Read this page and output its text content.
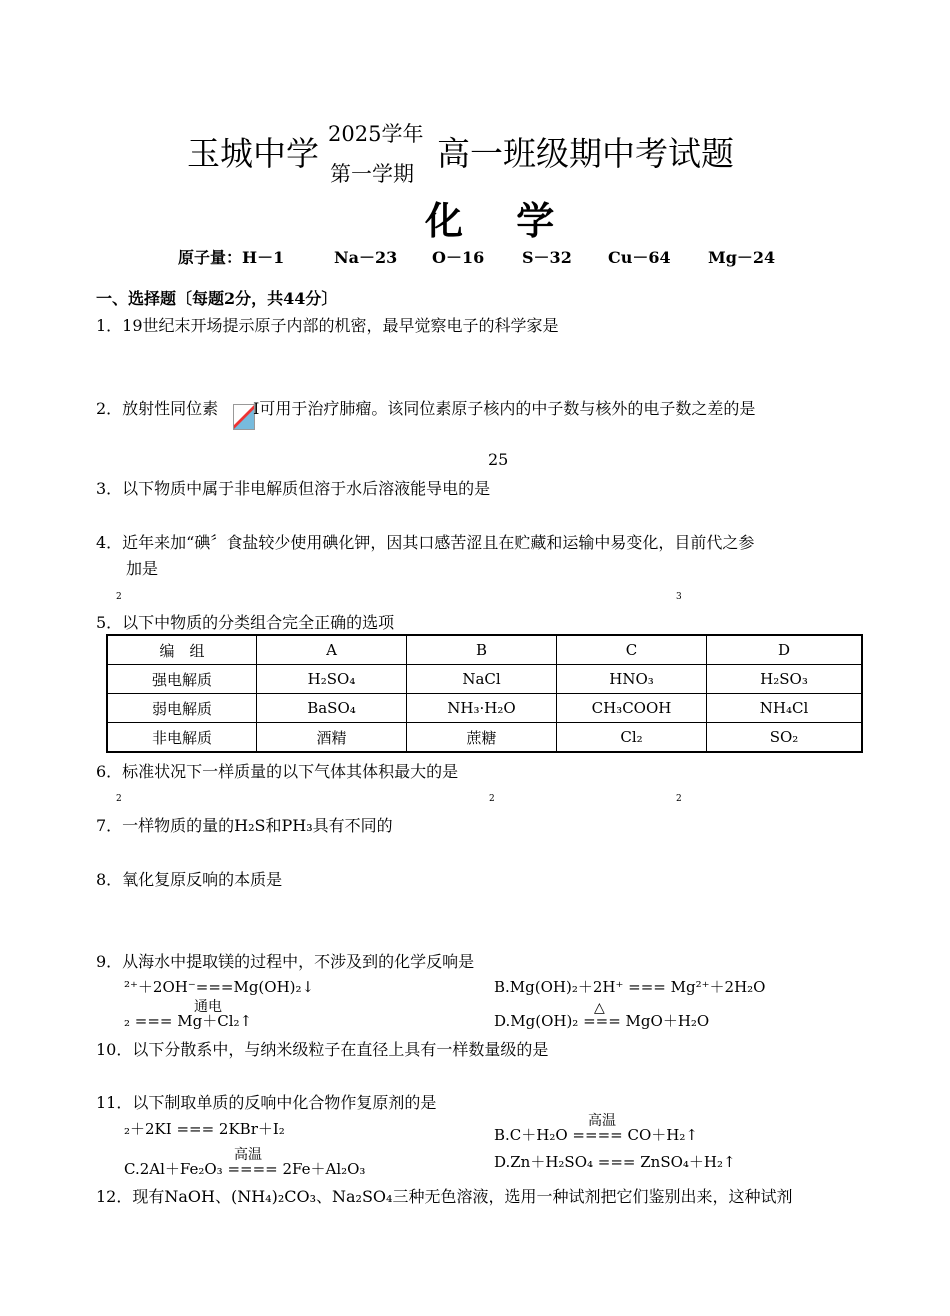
玉城中学 2025学年
第一学期
高一班级期中考试题
化 学
原子量：H－1	Na－23 O－16 S－32 Cu－64 Mg－24
一、选择题〔每题2分，共44分〕
1．19世纪末开场提示原子内部的机密，最早觉察电子的科学家是
2．放射性同位素 I可用于治疗肺瘤。该同位素原子核内的中子数与核外的电子数之差的是
25
3．以下物质中属于非电解质但溶于水后溶液能导电的是
4．近年来加“碘〞食盐较少使用碘化钾，因其口感苦涩且在贮藏和运输中易变化，目前代之参
加是
2	3
5．以下中物质的分类组合完全正确的选项
编　组	A	B	C	D
强电解质	H₂SO₄	NaCl	HNO₃	H₂SO₃
弱电解质	BaSO₄	NH₃·H₂O	CH₃COOH	NH₄Cl
非电解质	酒精	蔗糖	Cl₂	SO₂
6．标准状况下一样质量的以下气体其体积最大的是
2	2	2
7．一样物质的量的H₂S和PH₃具有不同的
8．氧化复原反响的本质是
9．从海水中提取镁的过程中，不涉及到的化学反响是
²⁺＋2OH⁻===Mg(OH)₂↓	B.Mg(OH)₂＋2H⁺ === Mg²⁺＋2H₂O
通电
₂ === Mg＋Cl₂↑
△
D.Mg(OH)₂ === MgO＋H₂O
10．以下分散系中，与纳米级粒子在直径上具有一样数量级的是
11．以下制取单质的反响中化合物作复原剂的是
₂＋2KI === 2KBr＋I₂	高温
B.C＋H₂O ==== CO＋H₂↑
高温
C.2Al＋Fe₂O₃ ==== 2Fe＋Al₂O₃	D.Zn＋H₂SO₄ === ZnSO₄＋H₂↑
12．现有NaOH、(NH₄)₂CO₃、Na₂SO₄三种无色溶液，选用一种试剂把它们鉴别出来，这种试剂
